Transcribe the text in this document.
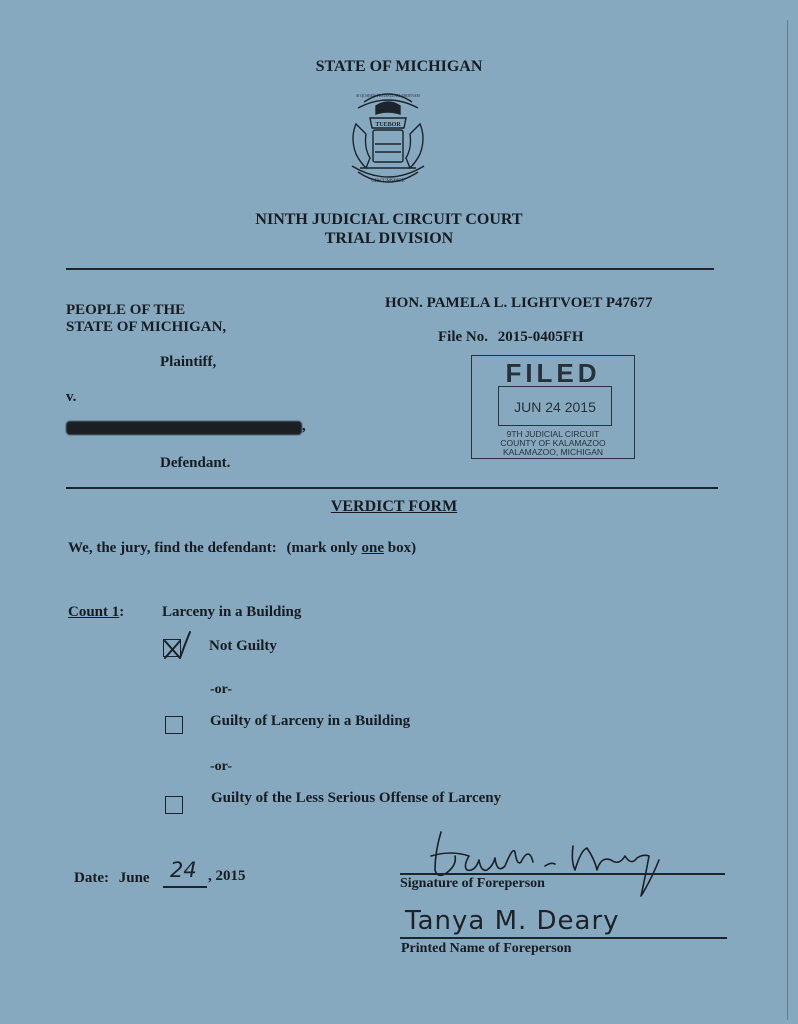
STATE OF MICHIGAN
TUEBOR
CIRCUMSPICE
SI QUAERIS PENINSULAM AMOENAM
NINTH JUDICIAL CIRCUIT COURT
TRIAL DIVISION
PEOPLE OF THE
STATE OF MICHIGAN,
Plaintiff,
v.
,
Defendant.
HON. PAMELA L. LIGHTVOET P47677
File No. 2015-0405FH
FILED
JUN 24 2015
9TH JUDICIAL CIRCUIT
COUNTY OF KALAMAZOO
KALAMAZOO, MICHIGAN
VERDICT FORM
We, the jury, find the defendant: (mark only one box)
Count 1:	Larceny in a Building
Not Guilty
-or-
Guilty of Larceny in a Building
-or-
Guilty of the Less Serious Offense of Larceny
Date: June 24 , 2015	Signature of Foreperson
Tanya M. Deary
Printed Name of Foreperson
